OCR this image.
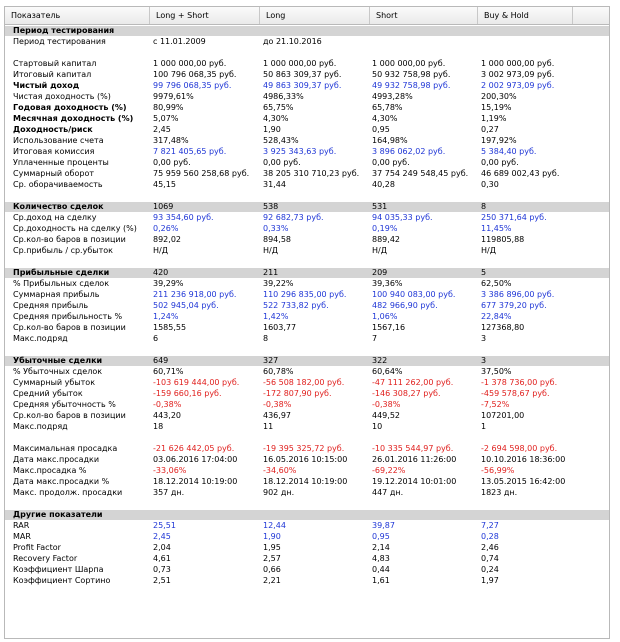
Показатель	Long + Short	Long	Short	Buy & Hold
Период тестирования
Период тестирования	с 11.01.2009	до 21.10.2016
Стартовый капитал	1 000 000,00 руб.	1 000 000,00 руб.	1 000 000,00 руб.	1 000 000,00 руб.
Итоговый капитал	100 796 068,35 руб.	50 863 309,37 руб.	50 932 758,98 руб.	3 002 973,09 руб.
Чистый доход	99 796 068,35 руб.	49 863 309,37 руб.	49 932 758,98 руб.	2 002 973,09 руб.
Чистая доходность (%)	9979,61%	4986,33%	4993,28%	200,30%
Годовая доходность (%)	80,99%	65,75%	65,78%	15,19%
Месячная доходность (%)	5,07%	4,30%	4,30%	1,19%
Доходность/риск	2,45	1,90	0,95	0,27
Использование счета	317,48%	528,43%	164,98%	197,92%
Итоговая комиссия	7 821 405,65 руб.	3 925 343,63 руб.	3 896 062,02 руб.	5 384,40 руб.
Уплаченные проценты	0,00 руб.	0,00 руб.	0,00 руб.	0,00 руб.
Суммарный оборот	75 959 560 258,68 руб.	38 205 310 710,23 руб.	37 754 249 548,45 руб.	46 689 002,43 руб.
Ср. оборачиваемость	45,15	31,44	40,28	0,30
Количество сделок	1069	538	531	8
Ср.доход на сделку	93 354,60 руб.	92 682,73 руб.	94 035,33 руб.	250 371,64 руб.
Ср.доходность на сделку (%)	0,26%	0,33%	0,19%	11,45%
Ср.кол-во баров в позиции	892,02	894,58	889,42	119805,88
Ср.прибыль / ср.убыток	Н/Д	Н/Д	Н/Д	Н/Д
Прибыльные сделки	420	211	209	5
% Прибыльных сделок	39,29%	39,22%	39,36%	62,50%
Суммарная прибыль	211 236 918,00 руб.	110 296 835,00 руб.	100 940 083,00 руб.	3 386 896,00 руб.
Средняя прибыль	502 945,04 руб.	522 733,82 руб.	482 966,90 руб.	677 379,20 руб.
Средняя прибыльность %	1,24%	1,42%	1,06%	22,84%
Ср.кол-во баров в позиции	1585,55	1603,77	1567,16	127368,80
Макс.подряд	6	8	7	3
Убыточные сделки	649	327	322	3
% Убыточных сделок	60,71%	60,78%	60,64%	37,50%
Суммарный убыток	-103 619 444,00 руб.	-56 508 182,00 руб.	-47 111 262,00 руб.	-1 378 736,00 руб.
Средний убыток	-159 660,16 руб.	-172 807,90 руб.	-146 308,27 руб.	-459 578,67 руб.
Средняя убыточность %	-0,38%	-0,38%	-0,38%	-7,52%
Ср.кол-во баров в позиции	443,20	436,97	449,52	107201,00
Макс.подряд	18	11	10	1
Максимальная просадка	-21 626 442,05 руб.	-19 395 325,72 руб.	-10 335 544,97 руб.	-2 694 598,00 руб.
Дата макс.просадки	03.06.2016 17:04:00	16.05.2016 10:15:00	26.01.2016 11:26:00	10.10.2016 18:36:00
Макс.просадка %	-33,06%	-34,60%	-69,22%	-56,99%
Дата макс.просадки %	18.12.2014 10:19:00	18.12.2014 10:19:00	19.12.2014 10:01:00	13.05.2015 16:42:00
Макс. продолж. просадки	357 дн.	902 дн.	447 дн.	1823 дн.
Другие показатели
RAR	25,51	12,44	39,87	7,27
MAR	2,45	1,90	0,95	0,28
Profit Factor	2,04	1,95	2,14	2,46
Recovery Factor	4,61	2,57	4,83	0,74
Коэффициент Шарпа	0,73	0,66	0,44	0,24
Коэффициент Сортино	2,51	2,21	1,61	1,97
